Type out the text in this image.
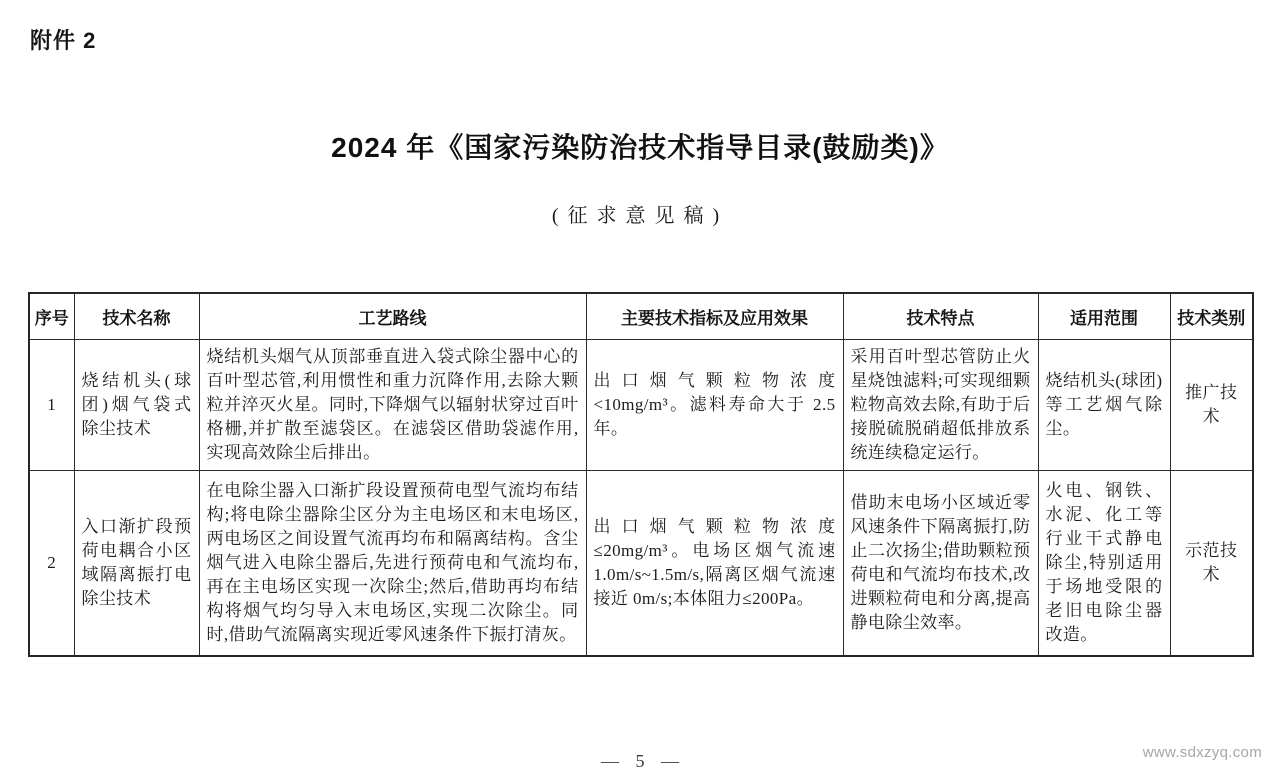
附件 2
2024 年《国家污染防治技术指导目录(鼓励类)》
(征求意见稿)
序号	技术名称	工艺路线	主要技术指标及应用效果	技术特点	适用范围	技术类别
1	烧结机头(球团)烟气袋式除尘技术	烧结机头烟气从顶部垂直进入袋式除尘器中心的百叶型芯管,利用惯性和重力沉降作用,去除大颗粒并淬灭火星。同时,下降烟气以辐射状穿过百叶格栅,并扩散至滤袋区。在滤袋区借助袋滤作用,实现高效除尘后排出。	出口烟气颗粒物浓度<10mg/m³。滤料寿命大于 2.5 年。	采用百叶型芯管防止火星烧蚀滤料;可实现细颗粒物高效去除,有助于后接脱硫脱硝超低排放系统连续稳定运行。	烧结机头(球团)等工艺烟气除尘。	推广技术
2	入口渐扩段预荷电耦合小区域隔离振打电除尘技术	在电除尘器入口渐扩段设置预荷电型气流均布结构;将电除尘器除尘区分为主电场区和末电场区,两电场区之间设置气流再均布和隔离结构。含尘烟气进入电除尘器后,先进行预荷电和气流均布,再在主电场区实现一次除尘;然后,借助再均布结构将烟气均匀导入末电场区,实现二次除尘。同时,借助气流隔离实现近零风速条件下振打清灰。	出口烟气颗粒物浓度≤20mg/m³。电场区烟气流速 1.0m/s~1.5m/s,隔离区烟气流速接近 0m/s;本体阻力≤200Pa。	借助末电场小区域近零风速条件下隔离振打,防止二次扬尘;借助颗粒预荷电和气流均布技术,改进颗粒荷电和分离,提高静电除尘效率。	火电、钢铁、水泥、化工等行业干式静电除尘,特别适用于场地受限的老旧电除尘器改造。	示范技术
— 5 —	www.sdxzyq.com
